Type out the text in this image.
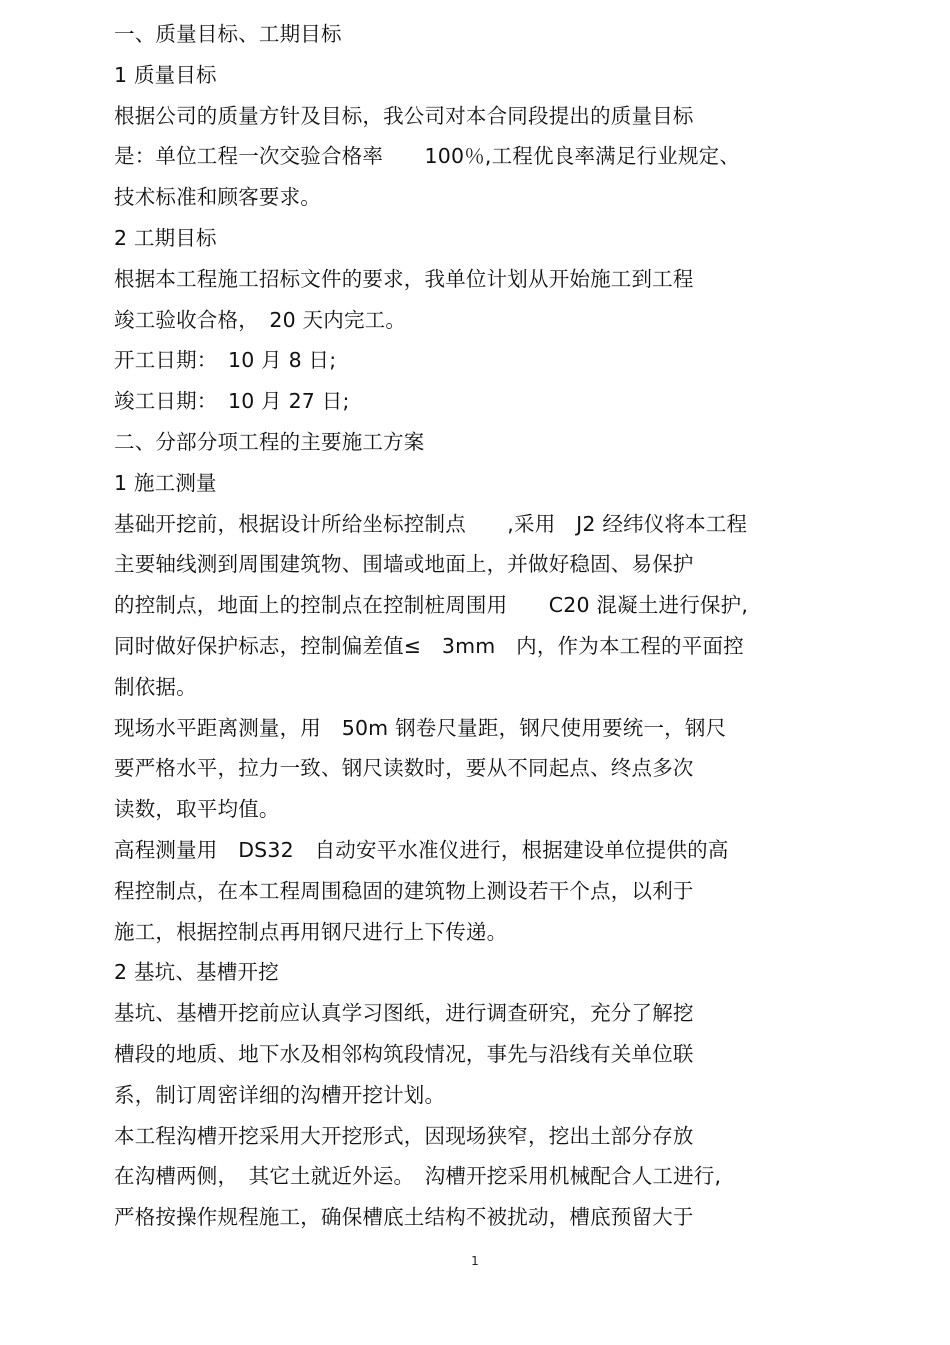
一、质量目标、工期目标
1 质量目标
根据公司的质量方针及目标，我公司对本合同段提出的质量目标
是：单位工程一次交验合格率　　100％,工程优良率满足行业规定、
技术标准和顾客要求。
2 工期目标
根据本工程施工招标文件的要求，我单位计划从开始施工到工程
竣工验收合格，　20 天内完工。
开工日期：　10 月 8 日;
竣工日期：　10 月 27 日;
二、分部分项工程的主要施工方案
1 施工测量
基础开挖前，根据设计所给坐标控制点　　,采用　J2 经纬仪将本工程
主要轴线测到周围建筑物、围墙或地面上，并做好稳固、易保护
的控制点，地面上的控制点在控制桩周围用　　C20 混凝土进行保护,
同时做好保护标志，控制偏差值≤　3mm　内，作为本工程的平面控
制依据。
现场水平距离测量，用　50m 钢卷尺量距，钢尺使用要统一，钢尺
要严格水平，拉力一致、钢尺读数时，要从不同起点、终点多次
读数，取平均值。
高程测量用　DS32　自动安平水准仪进行，根据建设单位提供的高
程控制点，在本工程周围稳固的建筑物上测设若干个点，以利于
施工，根据控制点再用钢尺进行上下传递。
2 基坑、基槽开挖
基坑、基槽开挖前应认真学习图纸，进行调查研究，充分了解挖
槽段的地质、地下水及相邻构筑段情况，事先与沿线有关单位联
系，制订周密详细的沟槽开挖计划。
本工程沟槽开挖采用大开挖形式，因现场狭窄，挖出土部分存放
在沟槽两侧，　其它土就近外运。　沟槽开挖采用机械配合人工进行,
严格按操作规程施工，确保槽底土结构不被扰动，槽底预留大于
1
